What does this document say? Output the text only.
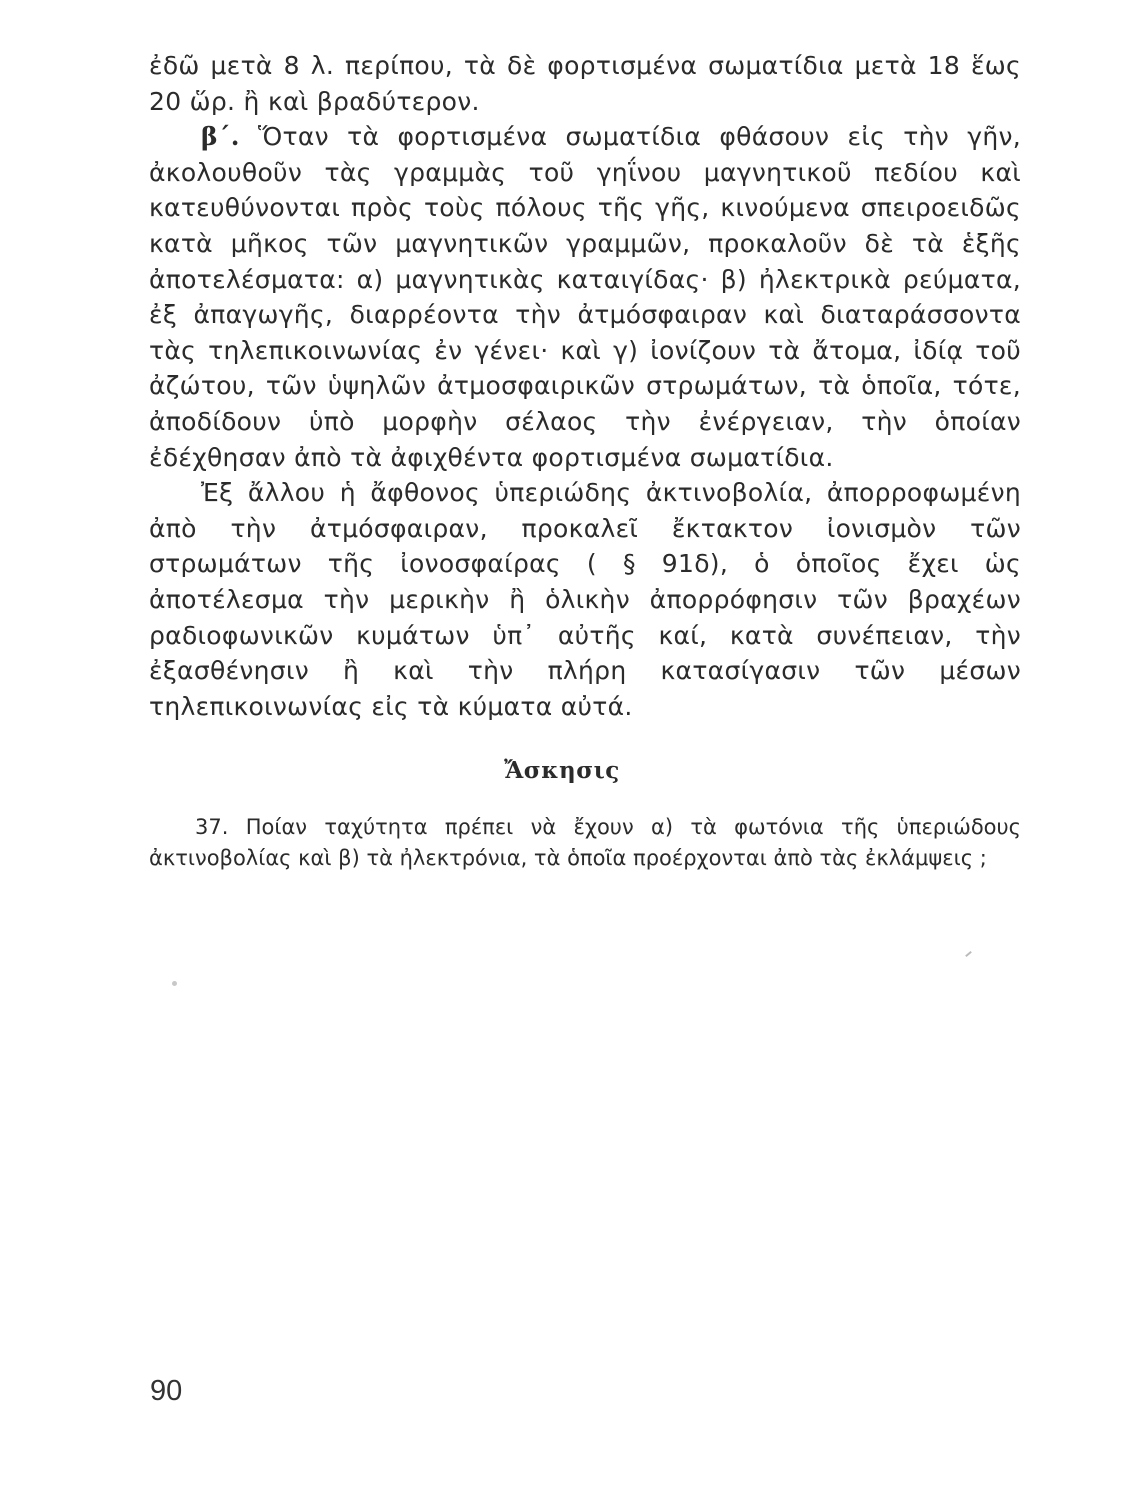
ἐδῶ μετὰ 8 λ. περίπου, τὰ δὲ φορτισμένα σωματίδια μετὰ 18 ἕως 20 ὥρ. ἢ καὶ βραδύτερον.

β΄. Ὅταν τὰ φορτισμένα σωματίδια φθάσουν εἰς τὴν γῆν, ἀκολουθοῦν τὰς γραμμὰς τοῦ γηΐνου μαγνητικοῦ πεδίου καὶ κατευθύνονται πρὸς τοὺς πόλους τῆς γῆς, κινούμενα σπειροειδῶς κατὰ μῆκος τῶν μαγνητικῶν γραμμῶν, προκαλοῦν δὲ τὰ ἑξῆς ἀποτελέσματα: α) μαγνητικὰς καταιγίδας· β) ἠλεκτρικὰ ρεύματα, ἐξ ἀπαγωγῆς, διαρρέοντα τὴν ἀτμόσφαιραν καὶ διαταράσσοντα τὰς τηλεπικοινωνίας ἐν γένει· καὶ γ) ἰονίζουν τὰ ἄτομα, ἰδίᾳ τοῦ ἀζώτου, τῶν ὑψηλῶν ἀτμοσφαιρικῶν στρωμάτων, τὰ ὁποῖα, τότε, ἀποδίδουν ὑπὸ μορφὴν σέλαος τὴν ἐνέργειαν, τὴν ὁποίαν ἐδέχθησαν ἀπὸ τὰ ἀφιχθέντα φορτισμένα σωματίδια.

Ἐξ ἄλλου ἡ ἄφθονος ὑπεριώδης ἀκτινοβολία, ἀπορροφωμένη ἀπὸ τὴν ἀτμόσφαιραν, προκαλεῖ ἔκτακτον ἰονισμὸν τῶν στρωμάτων τῆς ἰονοσφαίρας ( § 91δ), ὁ ὁποῖος ἔχει ὡς ἀποτέλεσμα τὴν μερικὴν ἢ ὁλικὴν ἀπορρόφησιν τῶν βραχέων ραδιοφωνικῶν κυμάτων ὑπ᾽ αὐτῆς καί, κατὰ συνέπειαν, τὴν ἐξασθένησιν ἢ καὶ τὴν πλήρη κατασίγασιν τῶν μέσων τηλεπικοινωνίας εἰς τὰ κύματα αὐτά.

Ἄσκησις

37. Ποίαν ταχύτητα πρέπει νὰ ἔχουν α) τὰ φωτόνια τῆς ὑπεριώδους ἀκτινοβολίας καὶ β) τὰ ἠλεκτρόνια, τὰ ὁποῖα προέρχονται ἀπὸ τὰς ἐκλάμψεις ;

90
